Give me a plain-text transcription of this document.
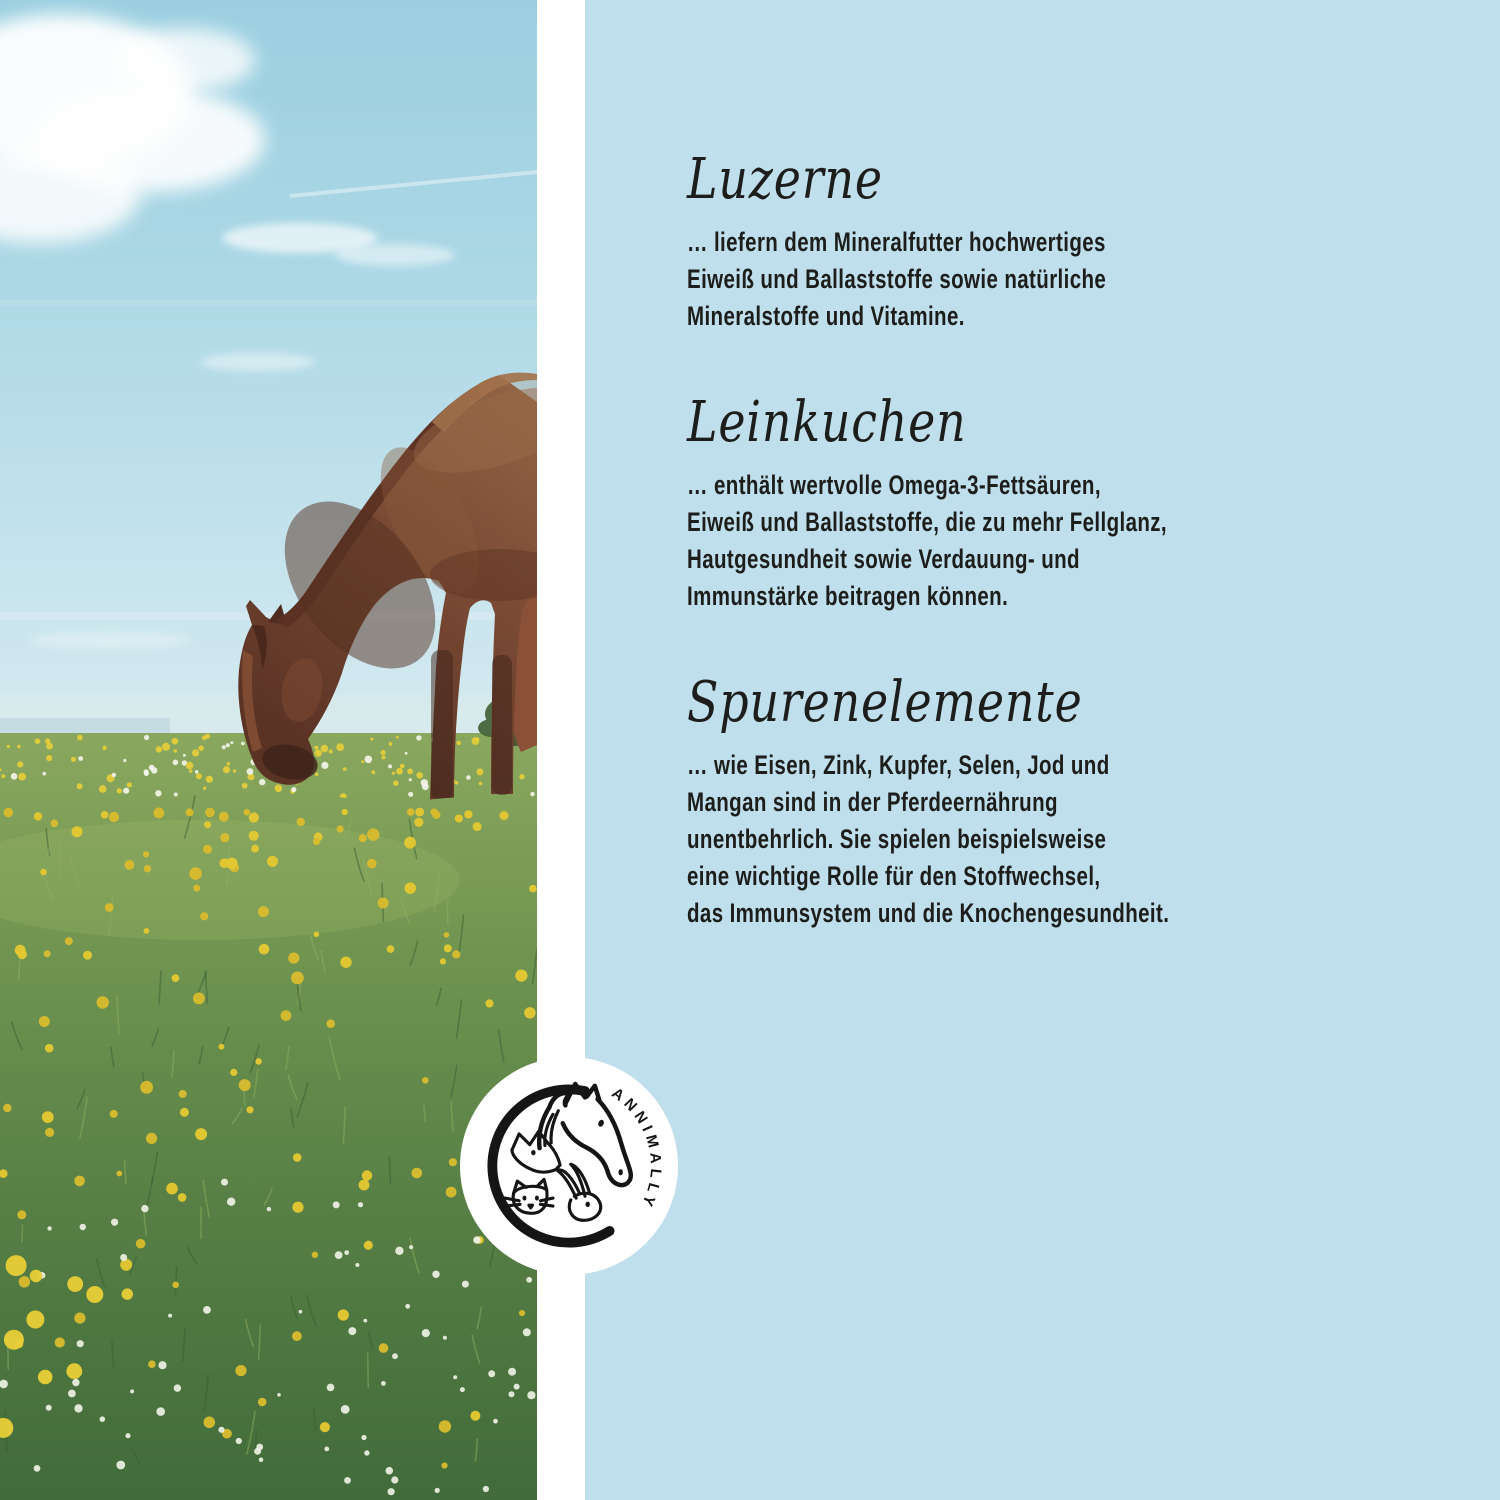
Luzerne
… liefern dem Mineralfutter hochwertiges
Eiweiß und Ballaststoffe sowie natürliche
Mineralstoffe und Vitamine.
Leinkuchen
… enthält wertvolle Omega-3-Fettsäuren,
Eiweiß und Ballaststoffe, die zu mehr Fellglanz,
Hautgesundheit sowie Verdauung- und
Immunstärke beitragen können.
Spurenelemente
… wie Eisen, Zink, Kupfer, Selen, Jod und
Mangan sind in der Pferdeernährung
unentbehrlich. Sie spielen beispielsweise
eine wichtige Rolle für den Stoffwechsel,
das Immunsystem und die Knochengesundheit.
ANNIMALLY
